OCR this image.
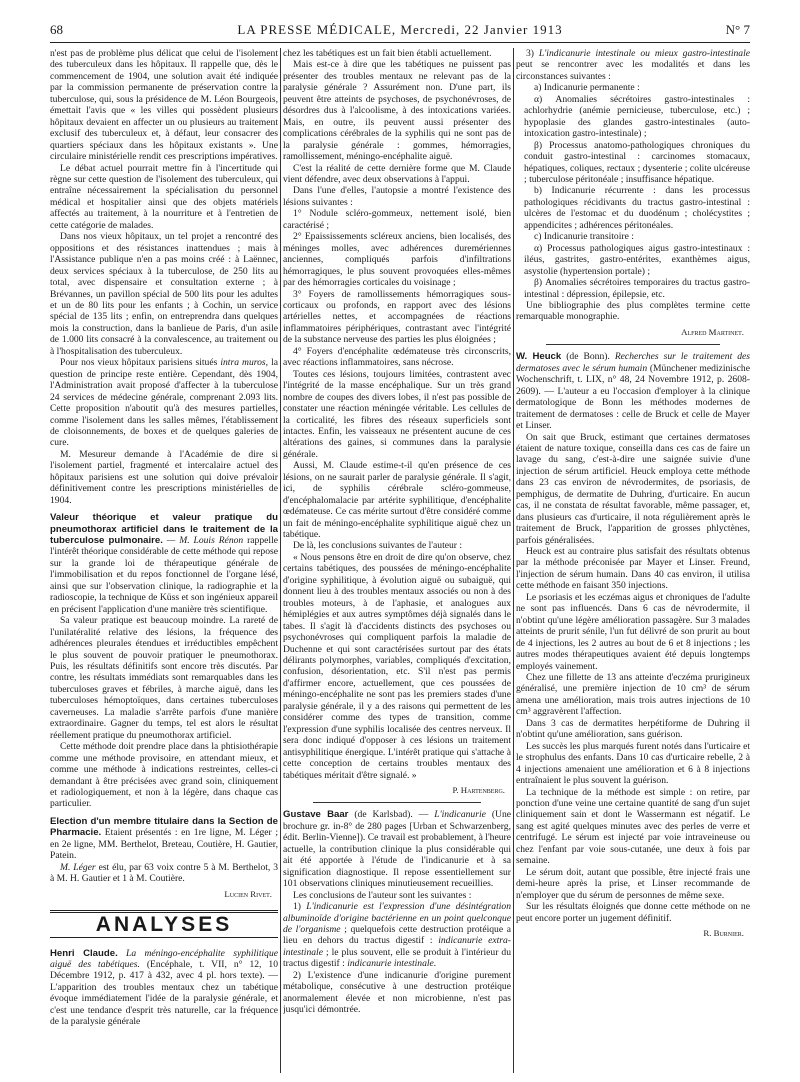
68	LA PRESSE MÉDICALE, Mercredi, 22 Janvier 1913	N° 7

n'est pas de problème plus délicat que celui de l'isolement des tuberculeux dans les hôpitaux. Il rappelle que, dès le commencement de 1904, une solution avait été indiquée par la commission permanente de préservation contre la tuberculose, qui, sous la présidence de M. Léon Bourgeois, émettait l'avis que « les villes qui possèdent plusieurs hôpitaux devaient en affecter un ou plusieurs au traitement exclusif des tuberculeux et, à défaut, leur consacrer des quartiers spéciaux dans les hôpitaux existants ». Une circulaire ministérielle rendit ces prescriptions impératives.

Le débat actuel pourrait mettre fin à l'incertitude qui règne sur cette question de l'isolement des tuberculeux, qui entraîne nécessairement la spécialisation du personnel médical et hospitalier ainsi que des objets matériels affectés au traitement, à la nourriture et à l'entretien de cette catégorie de malades.

Dans nos vieux hôpitaux, un tel projet a rencontré des oppositions et des résistances inattendues ; mais à l'Assistance publique n'en a pas moins créé : à Laënnec, deux services spéciaux à la tuberculose, de 250 lits au total, avec dispensaire et consultation externe ; à Brévannes, un pavillon spécial de 500 lits pour les adultes et un de 80 lits pour les enfants ; à Cochin, un service spécial de 135 lits ; enfin, on entreprendra dans quelques mois la construction, dans la banlieue de Paris, d'un asile de 1.000 lits consacré à la convalescence, au traitement ou à l'hospitalisation des tuberculeux.

Pour nos vieux hôpitaux parisiens situés intra muros, la question de principe reste entière. Cependant, dès 1904, l'Administration avait proposé d'affecter à la tuberculose 24 services de médecine générale, comprenant 2.093 lits. Cette proposition n'aboutit qu'à des mesures partielles, comme l'isolement dans les salles mêmes, l'établissement de cloisonnements, de boxes et de quelques galeries de cure.

M. Mesureur demande à l'Académie de dire si l'isolement partiel, fragmenté et intercalaire actuel des hôpitaux parisiens est une solution qui doive prévaloir définitivement contre les prescriptions ministérielles de 1904.

Valeur théorique et valeur pratique du pneumothorax artificiel dans le traitement de la tuberculose pulmonaire. — M. Louis Rénon rappelle l'intérêt théorique considérable de cette méthode qui repose sur la grande loi de thérapeutique générale de l'immobilisation et du repos fonctionnel de l'organe lésé, ainsi que sur l'observation clinique, la radiographie et la radioscopie, la technique de Küss et son ingénieux appareil en précisent l'application d'une manière très scientifique.

Sa valeur pratique est beaucoup moindre. La rareté de l'unilatéralité relative des lésions, la fréquence des adhérences pleurales étendues et irréductibles empêchent le plus souvent de pouvoir pratiquer le pneumothorax. Puis, les résultats définitifs sont encore très discutés. Par contre, les résultats immédiats sont remarquables dans les tuberculoses graves et fébriles, à marche aiguë, dans les tuberculoses hémoptoïques, dans certaines tuberculoses caverneuses. La maladie s'arrête parfois d'une manière extraordinaire. Gagner du temps, tel est alors le résultat réellement pratique du pneumothorax artificiel.

Cette méthode doit prendre place dans la phtisiothérapie comme une méthode provisoire, en attendant mieux, et comme une méthode à indications restreintes, celles-ci demandant à être précisées avec grand soin, cliniquement et radiologiquement, et non à la légère, dans chaque cas particulier.

Election d'un membre titulaire dans la Section de Pharmacie. Etaient présentés : en 1re ligne, M. Léger ; en 2e ligne, MM. Berthelot, Breteau, Coutière, H. Gautier, Patein.

M. Léger est élu, par 63 voix contre 5 à M. Berthelot, 3 à M. H. Gautier et 1 à M. Coutière.

Lucien Rivet.
ANALYSES

Henri Claude. La méningo-encéphalite syphilitique aiguë des tabétiques. (Encéphale, t. VII, n° 12, 10 Décembre 1912, p. 417 à 432, avec 4 pl. hors texte). — L'apparition des troubles mentaux chez un tabétique évoque immédiatement l'idée de la paralysie générale, et c'est une tendance d'esprit très naturelle, car la fréquence de la paralysie générale

chez les tabétiques est un fait bien établi actuellement.

Mais est-ce à dire que les tabétiques ne puissent pas présenter des troubles mentaux ne relevant pas de la paralysie générale ? Assurément non. D'une part, ils peuvent être atteints de psychoses, de psychonévroses, de désordres dus à l'alcoolisme, à des intoxications variées. Mais, en outre, ils peuvent aussi présenter des complications cérébrales de la syphilis qui ne sont pas de la paralysie générale : gommes, hémorragies, ramollissement, méningo-encéphalite aiguë.

C'est la réalité de cette dernière forme que M. Claude vient défendre, avec deux observations à l'appui.

Dans l'une d'elles, l'autopsie a montré l'existence des lésions suivantes :

1° Nodule scléro-gommeux, nettement isolé, bien caractérisé ;

2° Epaississements scléreux anciens, bien localisés, des méninges molles, avec adhérences duremériennes anciennes, compliqués parfois d'infiltrations hémorragiques, le plus souvent provoquées elles-mêmes par des hémorragies corticales du voisinage ;

3° Foyers de ramollissements hémorragiques sous-corticaux ou profonds, en rapport avec des lésions artérielles nettes, et accompagnées de réactions inflammatoires périphériques, contrastant avec l'intégrité de la substance nerveuse des parties les plus éloignées ;

4° Foyers d'encéphalite œdémateuse très circonscrits, avec réactions inflammatoires, sans nécrose.

Toutes ces lésions, toujours limitées, contrastent avec l'intégrité de la masse encéphalique. Sur un très grand nombre de coupes des divers lobes, il n'est pas possible de constater une réaction méningée véritable. Les cellules de la corticalité, les fibres des réseaux superficiels sont intactes. Enfin, les vaisseaux ne présentent aucune de ces altérations des gaines, si communes dans la paralysie générale.

Aussi, M. Claude estime-t-il qu'en présence de ces lésions, on ne saurait parler de paralysie générale. Il s'agit, ici, de syphilis cérébrale scléro-gommeuse, d'encéphalomalacie par artérite syphilitique, d'encéphalite œdémateuse. Ce cas mérite surtout d'être considéré comme un fait de méningo-encéphalite syphilitique aiguë chez un tabétique.

De là, les conclusions suivantes de l'auteur :

« Nous pensons être en droit de dire qu'on observe, chez certains tabétiques, des poussées de méningo-encéphalite d'origine syphilitique, à évolution aiguë ou subaiguë, qui donnent lieu à des troubles mentaux associés ou non à des troubles moteurs, à de l'aphasie, et analogues aux hémiplégies et aux autres symptômes déjà signalés dans le tabes. Il s'agit là d'accidents distincts des psychoses ou psychonévroses qui compliquent parfois la maladie de Duchenne et qui sont caractérisées surtout par des états délirants polymorphes, variables, compliqués d'excitation, confusion, désorientation, etc. S'il n'est pas permis d'affirmer encore, actuellement, que ces poussées de méningo-encéphalite ne sont pas les premiers stades d'une paralysie générale, il y a des raisons qui permettent de les considérer comme des types de transition, comme l'expression d'une syphilis localisée des centres nerveux. Il sera donc indiqué d'opposer à ces lésions un traitement antisyphilitique énergique. L'intérêt pratique qui s'attache à cette conception de certains troubles mentaux des tabétiques méritait d'être signalé. »

P. Hartenberg.

Gustave Baar (de Karlsbad). — L'indicanurie (Une brochure gr. in-8° de 280 pages [Urban et Schwarzenberg, édit. Berlin-Vienne]). Ce travail est probablement, à l'heure actuelle, la contribution clinique la plus considérable qui ait été apportée à l'étude de l'indicanurie et à sa signification diagnostique. Il repose essentiellement sur 101 observations cliniques minutieusement recueillies.

Les conclusions de l'auteur sont les suivantes :

1) L'indicanurie est l'expression d'une désintégration albuminoïde d'origine bactérienne en un point quelconque de l'organisme ; quelquefois cette destruction protéique a lieu en dehors du tractus digestif : indicanurie extra-intestinale ; le plus souvent, elle se produit à l'intérieur du tractus digestif : indicanurie intestinale.

2) L'existence d'une indicanurie d'origine purement métabolique, consécutive à une destruction protéique anormalement élevée et non microbienne, n'est pas jusqu'ici démontrée.

3) L'indicanurie intestinale ou mieux gastro-intestinale peut se rencontrer avec les modalités et dans les circonstances suivantes :

a) Indicanurie permanente :

α) Anomalies sécrétoires gastro-intestinales : achlorhydrie (anémie pernicieuse, tuberculose, etc.) ; hypoplasie des glandes gastro-intestinales (auto-intoxication gastro-intestinale) ;

β) Processus anatomo-pathologiques chroniques du conduit gastro-intestinal : carcinomes stomacaux, hépatiques, coliques, rectaux ; dysenterie ; colite ulcéreuse ; tuberculose péritonéale ; insuffisance hépatique.

b) Indicanurie récurrente : dans les processus pathologiques récidivants du tractus gastro-intestinal : ulcères de l'estomac et du duodénum ; cholécystites ; appendicites ; adhérences péritonéales.

c) Indicanurie transitoire :

α) Processus pathologiques aigus gastro-intestinaux : iléus, gastrites, gastro-entérites, exanthèmes aigus, asystolie (hypertension portale) ;

β) Anomalies sécrétoires temporaires du tractus gastro-intestinal : dépression, épilepsie, etc.

Une bibliographie des plus complètes termine cette remarquable monographie.

Alfred Martinet.

W. Heuck (de Bonn). Recherches sur le traitement des dermatoses avec le sérum humain (Münchener medizinische Wochenschrift, t. LIX, n° 48, 24 Novembre 1912, p. 2608-2609). — L'auteur a eu l'occasion d'employer à la clinique dermatologique de Bonn les méthodes modernes de traitement de dermatoses : celle de Bruck et celle de Mayer et Linser.

On sait que Bruck, estimant que certaines dermatoses étaient de nature toxique, conseilla dans ces cas de faire un lavage du sang, c'est-à-dire une saignée suivie d'une injection de sérum artificiel. Heuck employa cette méthode dans 23 cas environ de névrodermites, de psoriasis, de pemphigus, de dermatite de Duhring, d'urticaire. En aucun cas, il ne constata de résultat favorable, même passager, et, dans plusieurs cas d'urticaire, il nota régulièrement après le traitement de Bruck, l'apparition de grosses phlyctènes, parfois généralisées.

Heuck est au contraire plus satisfait des résultats obtenus par la méthode préconisée par Mayer et Linser. Freund, l'injection de sérum humain. Dans 40 cas environ, il utilisa cette méthode en faisant 350 injections.

Le psoriasis et les eczémas aigus et chroniques de l'adulte ne sont pas influencés. Dans 6 cas de névrodermite, il n'obtint qu'une légère amélioration passagère. Sur 3 malades atteints de prurit sénile, l'un fut délivré de son prurit au bout de 4 injections, les 2 autres au bout de 6 et 8 injections ; les autres modes thérapeutiques avaient été depuis longtemps employés vainement.

Chez une fillette de 13 ans atteinte d'eczéma prurigineux généralisé, une première injection de 10 cm³ de sérum amena une amélioration, mais trois autres injections de 10 cm³ aggravèrent l'affection.

Dans 3 cas de dermatites herpétiforme de Duhring il n'obtint qu'une amélioration, sans guérison.

Les succès les plus marqués furent notés dans l'urticaire et le strophulus des enfants. Dans 10 cas d'urticaire rebelle, 2 à 4 injections amenaient une amélioration et 6 à 8 injections entraînaient le plus souvent la guérison.

La technique de la méthode est simple : on retire, par ponction d'une veine une certaine quantité de sang d'un sujet cliniquement sain et dont le Wassermann est négatif. Le sang est agité quelques minutes avec des perles de verre et centrifugé. Le sérum est injecté par voie intraveineuse ou chez l'enfant par voie sous-cutanée, une deux à fois par semaine.

Le sérum doit, autant que possible, être injecté frais une demi-heure après la prise, et Linser recommande de n'employer que du sérum de personnes de même sexe.

Sur les résultats éloignés que donne cette méthode on ne peut encore porter un jugement définitif.

R. Burnier.
